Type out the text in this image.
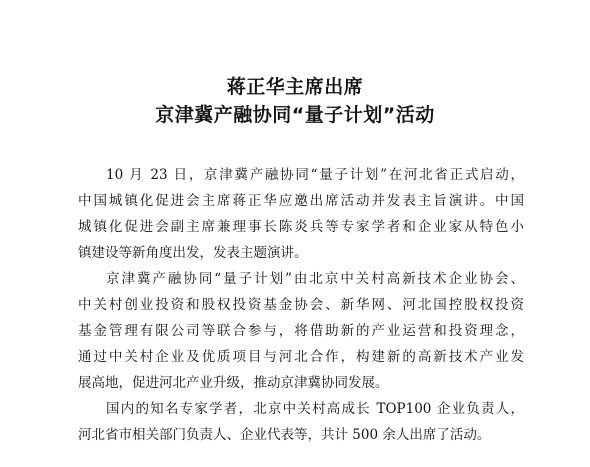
蒋正华主席出席
京津冀产融协同“量子计划”活动
10 月 23 日，京津冀产融协同“量子计划”在河北省正式启动，
中国城镇化促进会主席蒋正华应邀出席活动并发表主旨演讲。中国
城镇化促进会副主席兼理事长陈炎兵等专家学者和企业家从特色小
镇建设等新角度出发，发表主题演讲。
京津冀产融协同“量子计划”由北京中关村高新技术企业协会、
中关村创业投资和股权投资基金协会、新华网、河北国控股权投资
基金管理有限公司等联合参与，将借助新的产业运营和投资理念，
通过中关村企业及优质项目与河北合作，构建新的高新技术产业发
展高地，促进河北产业升级，推动京津冀协同发展。
国内的知名专家学者，北京中关村高成长 TOP100 企业负责人，
河北省市相关部门负责人、企业代表等，共计 500 余人出席了活动。
